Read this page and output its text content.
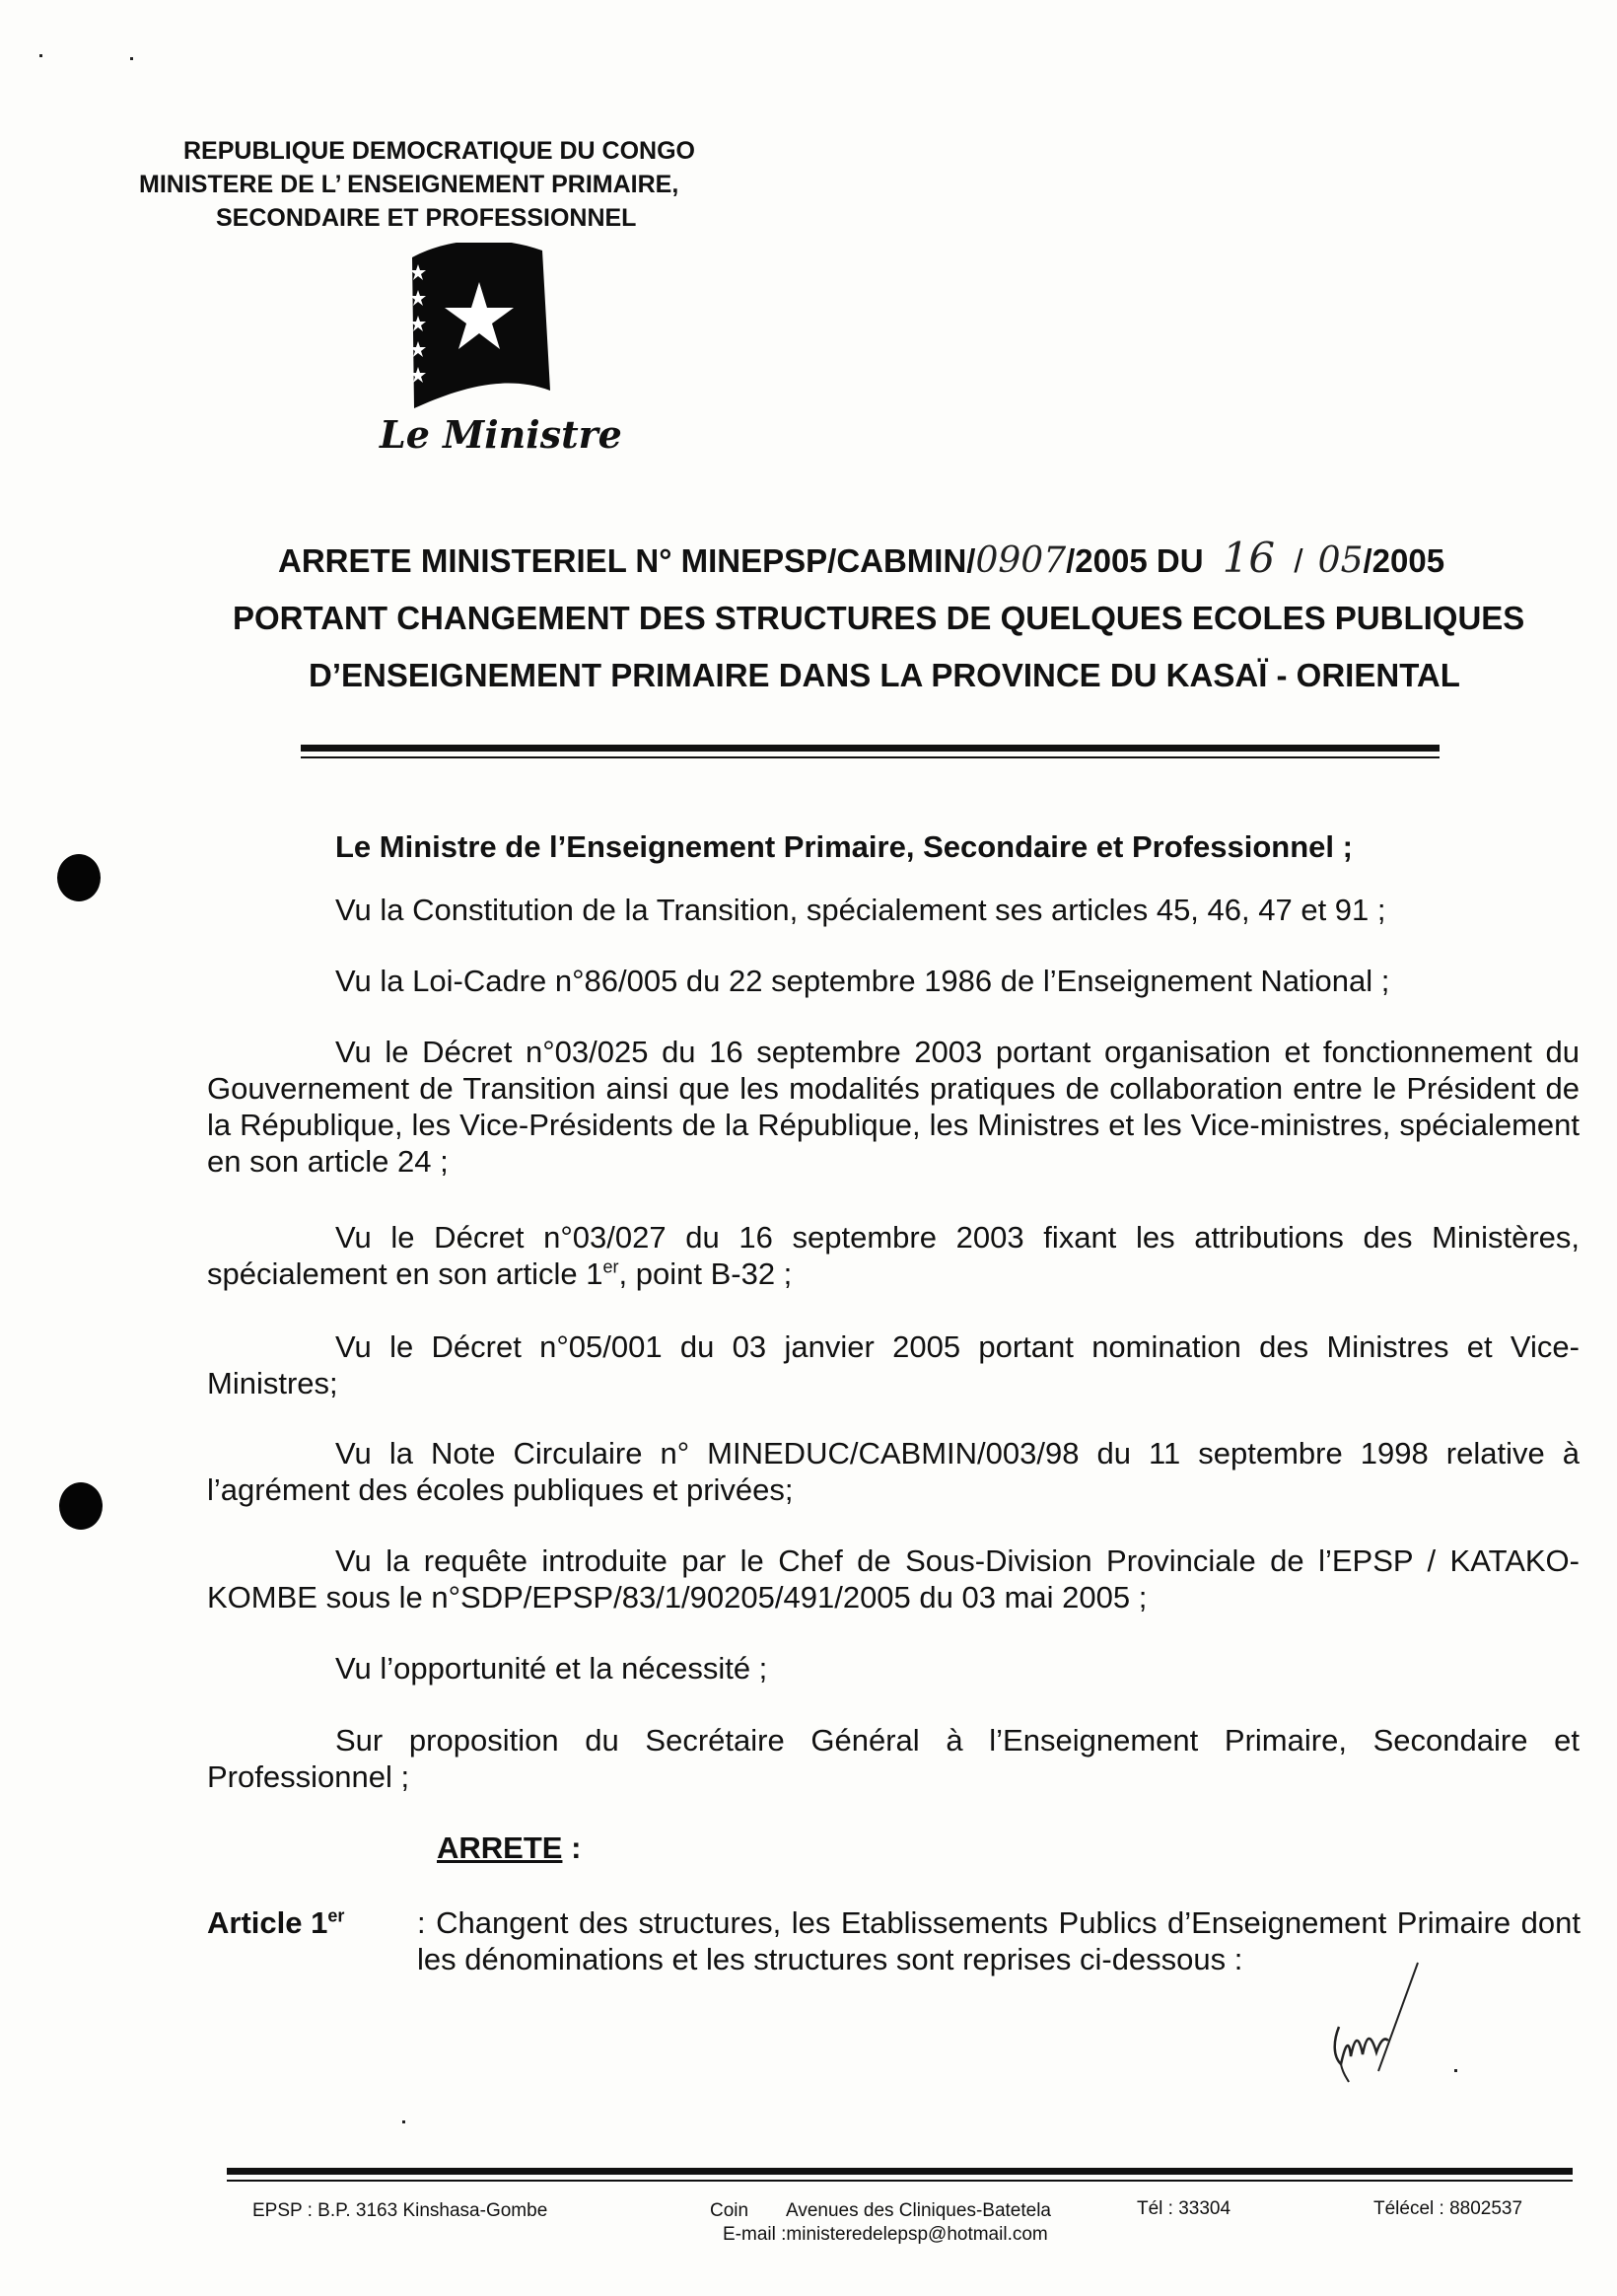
REPUBLIQUE DEMOCRATIQUE DU CONGO
MINISTERE DE L’ ENSEIGNEMENT PRIMAIRE,
SECONDAIRE ET PROFESSIONNEL
Le Ministre
ARRETE MINISTERIEL N° MINEPSP/CABMIN/0907/2005 DU 16 / 05/2005
PORTANT CHANGEMENT DES STRUCTURES DE QUELQUES ECOLES PUBLIQUES
D’ENSEIGNEMENT PRIMAIRE DANS LA PROVINCE DU KASAÏ - ORIENTAL
Le Ministre de l’Enseignement Primaire, Secondaire et Professionnel ;
Vu la Constitution de la Transition, spécialement ses articles 45, 46, 47 et 91 ;
Vu la Loi-Cadre n°86/005 du 22 septembre 1986 de l’Enseignement National ;
Vu le Décret n°03/025 du 16 septembre 2003 portant organisation et fonctionnement du Gouvernement de Transition ainsi que les modalités pratiques de collaboration entre le Président de la République, les Vice-Présidents de la République, les Ministres et les Vice-ministres, spécialement en son article 24 ;
Vu le Décret n°03/027 du 16 septembre 2003 fixant les attributions des Ministères, spécialement en son article 1er, point B-32 ;
Vu le Décret n°05/001 du 03 janvier 2005 portant nomination des Ministres et Vice-Ministres;
Vu la Note Circulaire n° MINEDUC/CABMIN/003/98 du 11 septembre 1998 relative à l’agrément des écoles publiques et privées;
Vu la requête introduite par le Chef de Sous-Division Provinciale de l’EPSP / KATAKO-KOMBE sous le n°SDP/EPSP/83/1/90205/491/2005 du 03 mai 2005 ;
Vu l’opportunité et la nécessité ;
Sur proposition du Secrétaire Général à l’Enseignement Primaire, Secondaire et Professionnel ;
ARRETE :
Article 1er : Changent des structures, les Etablissements Publics d’Enseignement Primaire dont les dénominations et les structures sont reprises ci-dessous :
EPSP : B.P. 3163 Kinshasa-Gombe	Coin Avenues des Cliniques-Batetela
E-mail :ministeredelepsp@hotmail.com
Tél : 33304	Télécel : 8802537
